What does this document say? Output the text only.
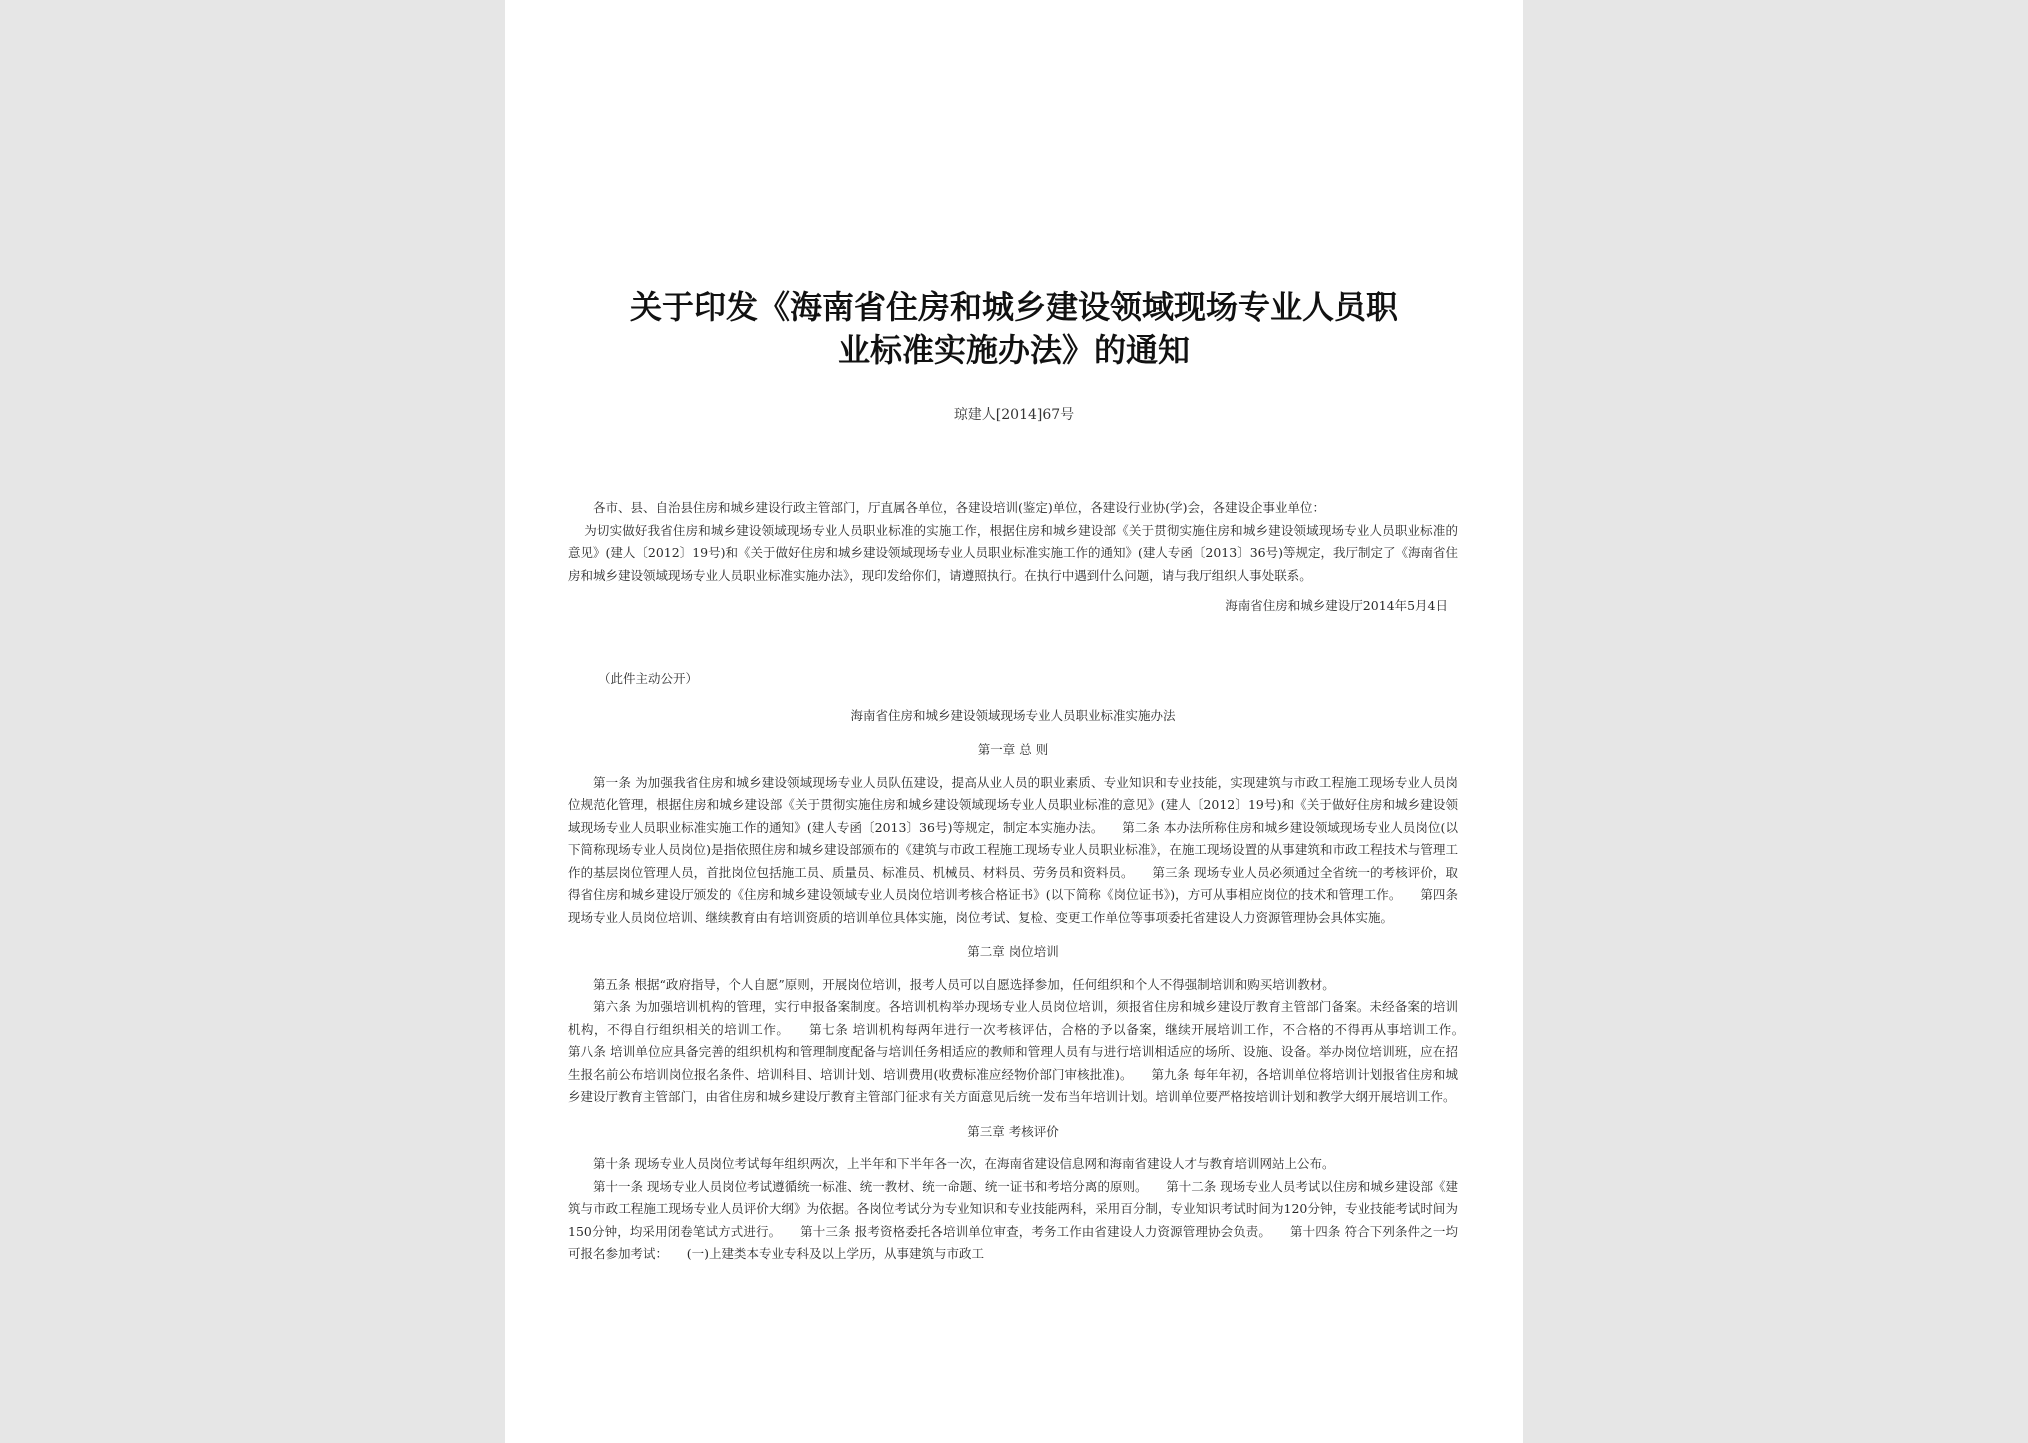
关于印发《海南省住房和城乡建设领域现场专业人员职
业标准实施办法》的通知

琼建人[2014]67号

各市、县、自治县住房和城乡建设行政主管部门，厅直属各单位，各建设培训(鉴定)单位，各建设行业协(学)会，各建设企事业单位：

为切实做好我省住房和城乡建设领域现场专业人员职业标准的实施工作，根据住房和城乡建设部《关于贯彻实施住房和城乡建设领域现场专业人员职业标准的意见》(建人〔2012〕19号)和《关于做好住房和城乡建设领域现场专业人员职业标准实施工作的通知》(建人专函〔2013〕36号)等规定，我厅制定了《海南省住房和城乡建设领域现场专业人员职业标准实施办法》，现印发给你们，请遵照执行。在执行中遇到什么问题，请与我厅组织人事处联系。

海南省住房和城乡建设厅2014年5月4日

（此件主动公开）

海南省住房和城乡建设领域现场专业人员职业标准实施办法

第一章 总 则

第一条 为加强我省住房和城乡建设领域现场专业人员队伍建设，提高从业人员的职业素质、专业知识和专业技能，实现建筑与市政工程施工现场专业人员岗位规范化管理，根据住房和城乡建设部《关于贯彻实施住房和城乡建设领域现场专业人员职业标准的意见》(建人〔2012〕19号)和《关于做好住房和城乡建设领域现场专业人员职业标准实施工作的通知》(建人专函〔2013〕36号)等规定，制定本实施办法。　　第二条 本办法所称住房和城乡建设领域现场专业人员岗位(以下简称现场专业人员岗位)是指依照住房和城乡建设部颁布的《建筑与市政工程施工现场专业人员职业标准》，在施工现场设置的从事建筑和市政工程技术与管理工作的基层岗位管理人员，首批岗位包括施工员、质量员、标准员、机械员、材料员、劳务员和资料员。　　第三条 现场专业人员必须通过全省统一的考核评价，取得省住房和城乡建设厅颁发的《住房和城乡建设领域专业人员岗位培训考核合格证书》(以下简称《岗位证书》)，方可从事相应岗位的技术和管理工作。　　第四条 现场专业人员岗位培训、继续教育由有培训资质的培训单位具体实施，岗位考试、复检、变更工作单位等事项委托省建设人力资源管理协会具体实施。

第二章 岗位培训

第五条 根据“政府指导，个人自愿”原则，开展岗位培训，报考人员可以自愿选择参加，任何组织和个人不得强制培训和购买培训教材。

第六条 为加强培训机构的管理，实行申报备案制度。各培训机构举办现场专业人员岗位培训，须报省住房和城乡建设厅教育主管部门备案。未经备案的培训机构，不得自行组织相关的培训工作。　　第七条 培训机构每两年进行一次考核评估，合格的予以备案，继续开展培训工作，不合格的不得再从事培训工作。　　第八条 培训单位应具备完善的组织机构和管理制度配备与培训任务相适应的教师和管理人员有与进行培训相适应的场所、设施、设备。举办岗位培训班，应在招生报名前公布培训岗位报名条件、培训科目、培训计划、培训费用(收费标准应经物价部门审核批准)。　　第九条 每年年初，各培训单位将培训计划报省住房和城乡建设厅教育主管部门，由省住房和城乡建设厅教育主管部门征求有关方面意见后统一发布当年培训计划。培训单位要严格按培训计划和教学大纲开展培训工作。

第三章 考核评价

第十条 现场专业人员岗位考试每年组织两次，上半年和下半年各一次，在海南省建设信息网和海南省建设人才与教育培训网站上公布。

第十一条 现场专业人员岗位考试遵循统一标准、统一教材、统一命题、统一证书和考培分离的原则。　　第十二条 现场专业人员考试以住房和城乡建设部《建筑与市政工程施工现场专业人员评价大纲》为依据。各岗位考试分为专业知识和专业技能两科，采用百分制，专业知识考试时间为120分钟，专业技能考试时间为150分钟，均采用闭卷笔试方式进行。　　第十三条 报考资格委托各培训单位审查，考务工作由省建设人力资源管理协会负责。　　第十四条 符合下列条件之一均可报名参加考试：　　(一)上建类本专业专科及以上学历，从事建筑与市政工
